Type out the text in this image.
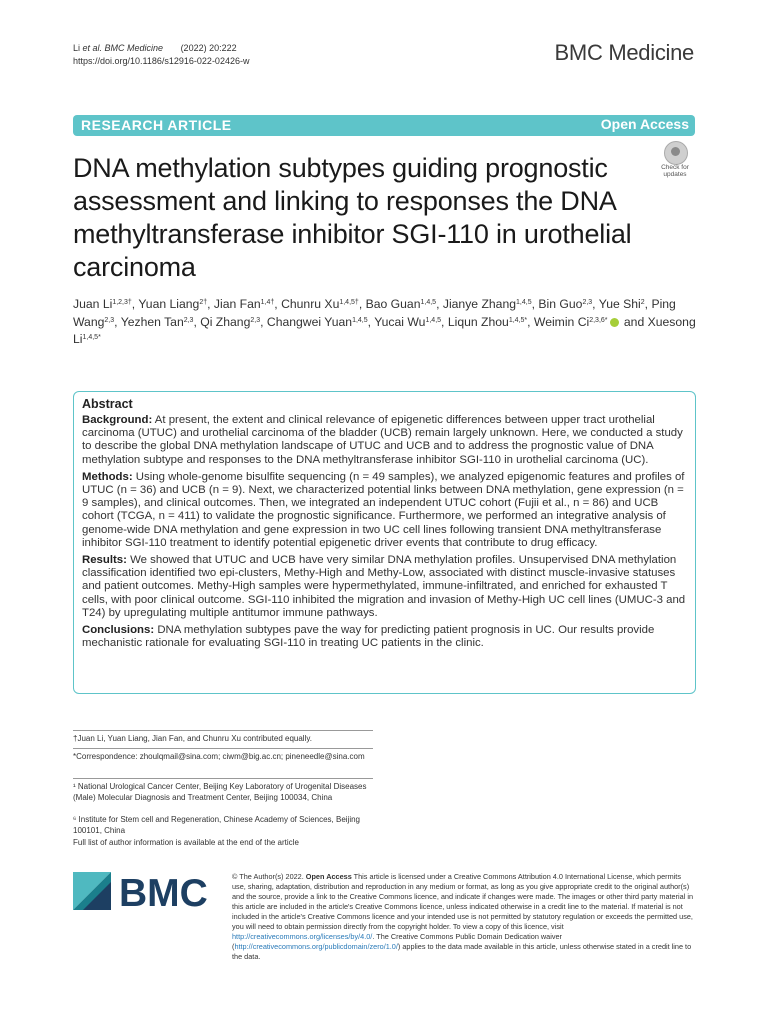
Li et al. BMC Medicine (2022) 20:222
https://doi.org/10.1186/s12916-022-02426-w	BMC Medicine
RESEARCH ARTICLE	Open Access
Check for
updates
DNA methylation subtypes guiding prognostic assessment and linking to responses the DNA methyltransferase inhibitor SGI-110 in urothelial carcinoma
Juan $Li^{1,2,3\dagger}$, Yuan Liang$^{2\dagger}$, Jian Fan$^{1,4\dagger}$, Chunru $Xu^{1,4,5\dagger}$, Bao Guan$^{1,4,5}$, Jianye Zhang$^{1,4,5}$, Bin Guo$^{2,3}$, Yue Shi$^2$, Ping Wang$^{2,3}$, Yezhen Tan$^{2,3}$, Qi Zhang$^{2,3}$, Changwei Yuan$^{1,4,5}$, Yucai Wu$^{1,4,5}$, Liqun Zhou$^{1,4,5*}$, Weimin $Ci^{2,3,6*}$ and Xuesong $Li^{1,4,5*}$
Abstract

Background: At present, the extent and clinical relevance of epigenetic differences between upper tract urothelial carcinoma (UTUC) and urothelial carcinoma of the bladder (UCB) remain largely unknown. Here, we conducted a study to describe the global DNA methylation landscape of UTUC and UCB and to address the prognostic value of DNA methylation subtype and responses to the DNA methyltransferase inhibitor SGI-110 in urothelial carcinoma (UC).

Methods: Using whole-genome bisulfite sequencing (n = 49 samples), we analyzed epigenomic features and profiles of UTUC (n = 36) and UCB (n = 9). Next, we characterized potential links between DNA methylation, gene expression (n = 9 samples), and clinical outcomes. Then, we integrated an independent UTUC cohort (Fujii et al., n = 86) and UCB cohort (TCGA, n = 411) to validate the prognostic significance. Furthermore, we performed an integrative analysis of genome-wide DNA methylation and gene expression in two UC cell lines following transient DNA methyltransferase inhibitor SGI-110 treatment to identify potential epigenetic driver events that contribute to drug efficacy.

Results: We showed that UTUC and UCB have very similar DNA methylation profiles. Unsupervised DNA methylation classification identified two epi-clusters, Methy-High and Methy-Low, associated with distinct muscle-invasive statuses and patient outcomes. Methy-High samples were hypermethylated, immune-infiltrated, and enriched for exhausted T cells, with poor clinical outcome. SGI-110 inhibited the migration and invasion of Methy-High UC cell lines (UMUC-3 and T24) by upregulating multiple antitumor immune pathways.

Conclusions: DNA methylation subtypes pave the way for predicting patient prognosis in UC. Our results provide mechanistic rationale for evaluating SGI-110 in treating UC patients in the clinic.

†Juan Li, Yuan Liang, Jian Fan, and Chunru Xu contributed equally.
*Correspondence: zhoulqmail@sina.com; ciwm@big.ac.cn; pineneedle@sina.com
¹ National Urological Cancer Center, Beijing Key Laboratory of Urogenital Diseases (Male) Molecular Diagnosis and Treatment Center, Beijing 100034, China
⁶ Institute for Stem cell and Regeneration, Chinese Academy of Sciences, Beijing 100101, China
Full list of author information is available at the end of the article
BMC	© The Author(s) 2022. Open Access This article is licensed under a Creative Commons Attribution 4.0 International License, which permits use, sharing, adaptation, distribution and reproduction in any medium or format, as long as you give appropriate credit to the original author(s) and the source, provide a link to the Creative Commons licence, and indicate if changes were made. The images or other third party material in this article are included in the article's Creative Commons licence, unless indicated otherwise in a credit line to the material. If material is not included in the article's Creative Commons licence and your intended use is not permitted by statutory regulation or exceeds the permitted use, you will need to obtain permission directly from the copyright holder. To view a copy of this licence, visit http://creativecommons.org/licenses/by/4.0/. The Creative Commons Public Domain Dedication waiver (http://creativecommons.org/publicdomain/zero/1.0/) applies to the data made available in this article, unless otherwise stated in a credit line to the data.
